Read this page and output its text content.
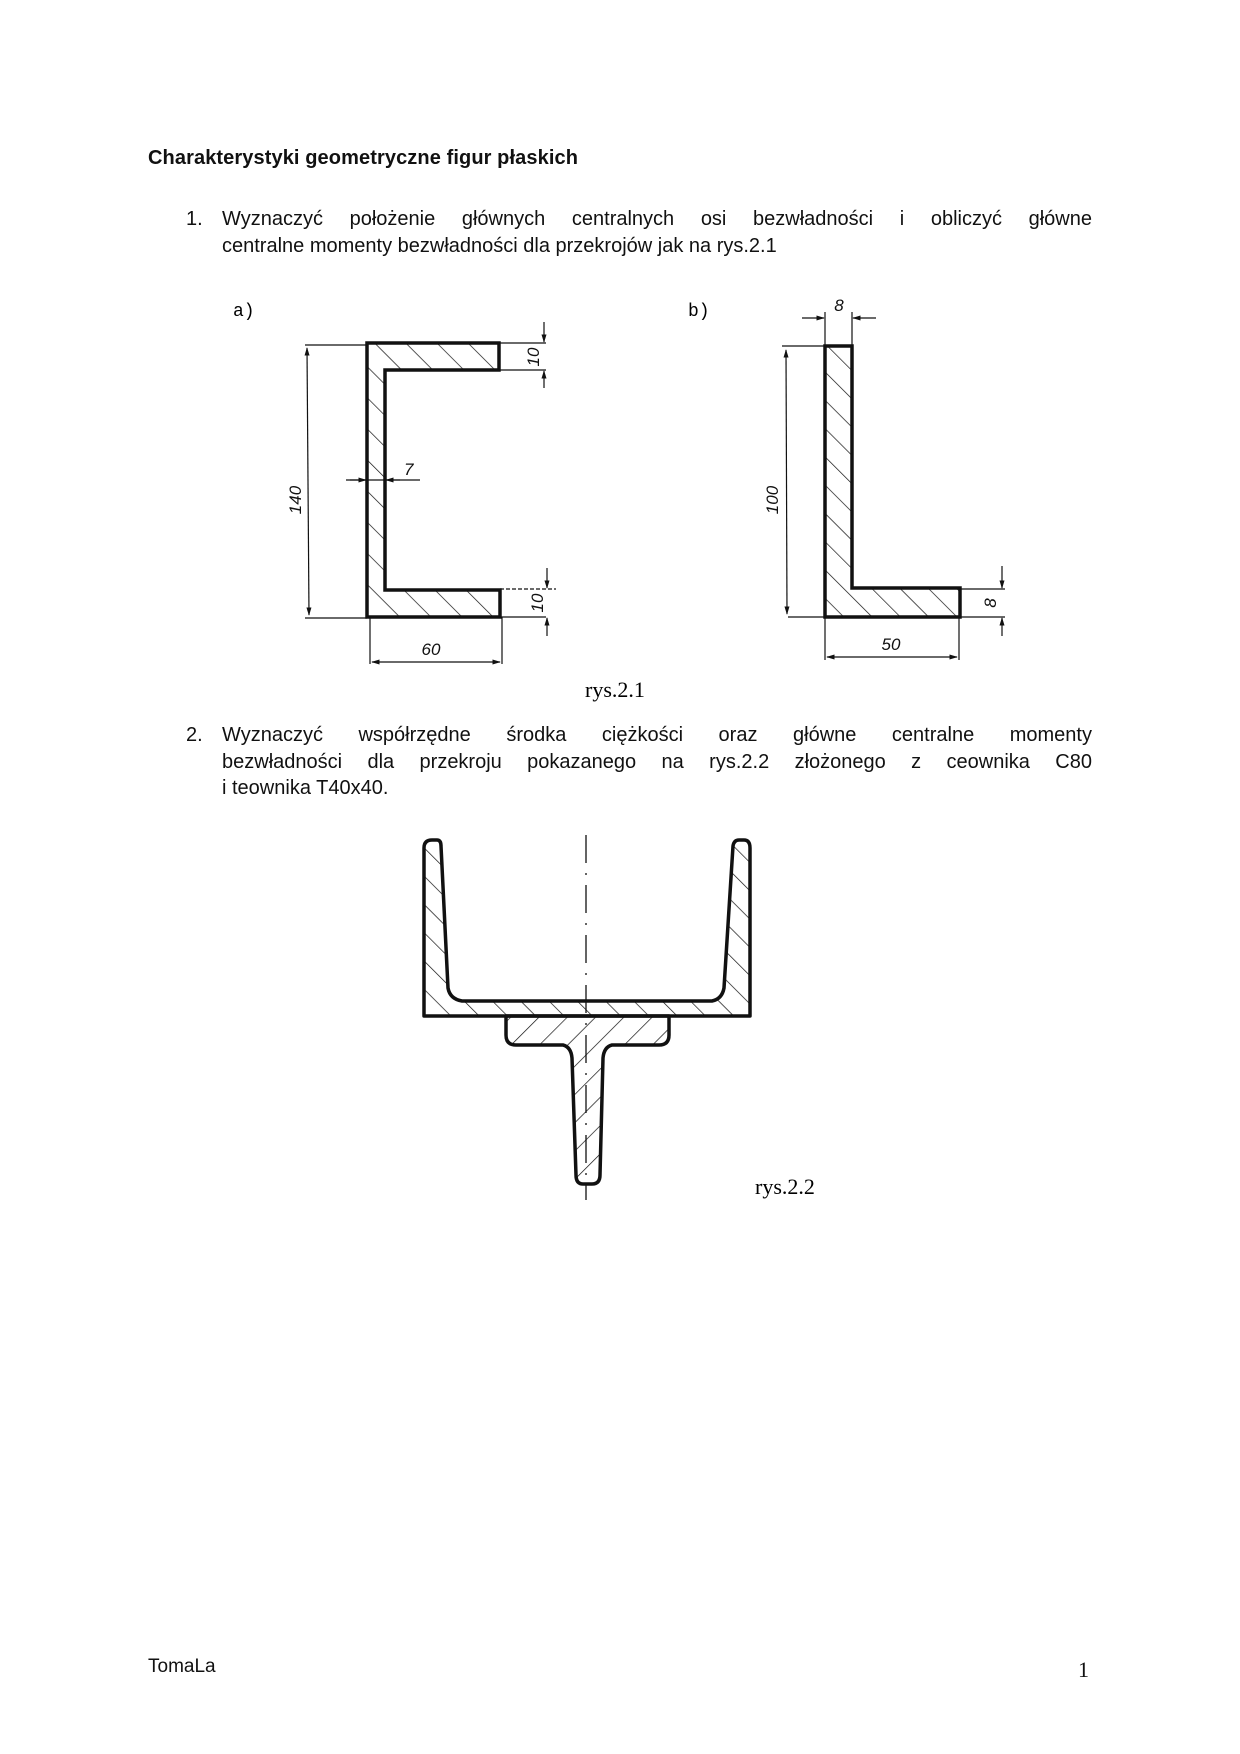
Charakterystyki geometryczne figur płaskich
1. Wyznaczyć położenie głównych centralnych osi bezwładności i obliczyć główne
centralne momenty bezwładności dla przekrojów jak na rys.2.1
2. Wyznaczyć współrzędne środka ciężkości oraz główne centralne momenty
bezwładności dla przekroju pokazanego na rys.2.2 złożonego z ceownika C80
i teownika T40x40.
140
7
10
10
60
a)	8
100
8
50
b)
rys.2.1
rys.2.2
TomaLa	1
